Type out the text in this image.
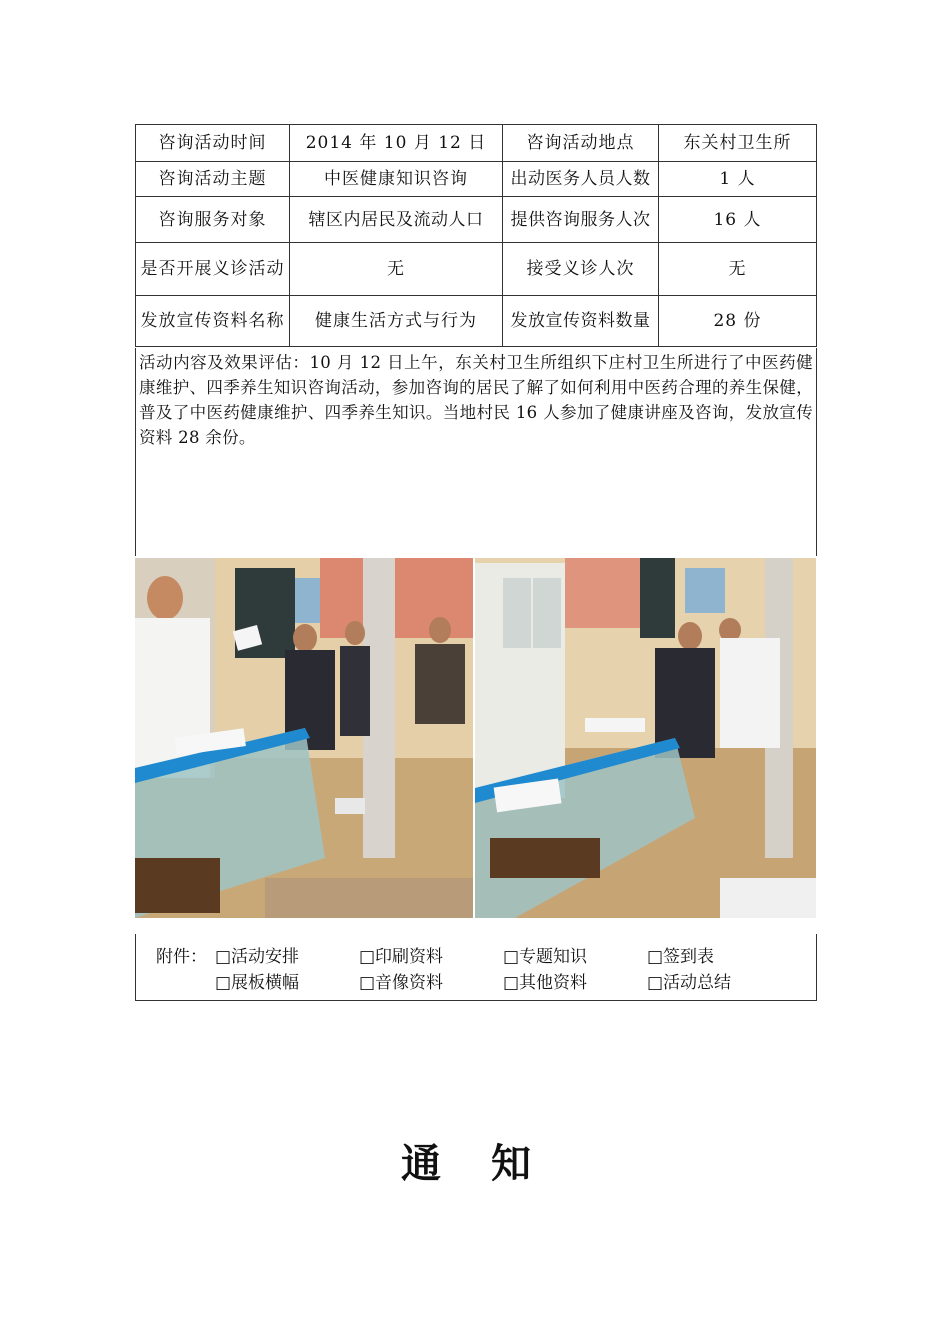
咨询活动时间	2014 年 10 月 12 日	咨询活动地点	东关村卫生所
咨询活动主题	中医健康知识咨询	出动医务人员人数	1 人
咨询服务对象	辖区内居民及流动人口	提供咨询服务人次	16 人
是否开展义诊活动	无	接受义诊人次	无
发放宣传资料名称	健康生活方式与行为	发放宣传资料数量	28 份

活动内容及效果评估：10 月 12 日上午，东关村卫生所组织下庄村卫生所进行了中医药健康维护、四季养生知识咨询活动，参加咨询的居民了解了如何利用中医药合理的养生保健，普及了中医药健康维护、四季养生知识。当地村民 16 人参加了健康讲座及咨询，发放宣传资料 28 余份。

附件： □活动安排	□印刷资料	□专题知识	□签到表
□展板横幅	□音像资料	□其他资料	□活动总结
通 知
